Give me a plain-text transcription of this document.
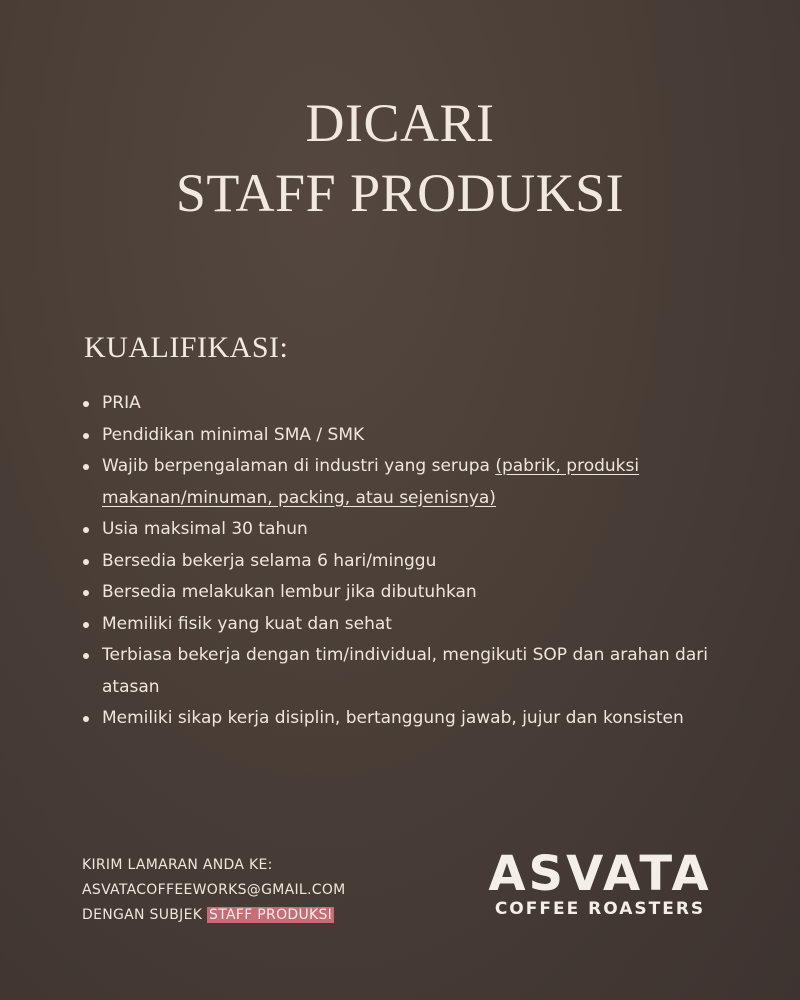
DICARI
STAFF PRODUKSI
KUALIFIKASI:
PRIA
Pendidikan minimal SMA / SMK
Wajib berpengalaman di industri yang serupa (pabrik, produksi makanan/minuman, packing, atau sejenisnya)
Usia maksimal 30 tahun
Bersedia bekerja selama 6 hari/minggu
Bersedia melakukan lembur jika dibutuhkan
Memiliki fisik yang kuat dan sehat
Terbiasa bekerja dengan tim/individual, mengikuti SOP dan arahan dari atasan
Memiliki sikap kerja disiplin, bertanggung jawab, jujur dan konsisten
KIRIM LAMARAN ANDA KE:
ASVATACOFFEEWORKS@GMAIL.COM
DENGAN SUBJEK STAFF PRODUKSI
ASVATA
COFFEE ROASTERS
